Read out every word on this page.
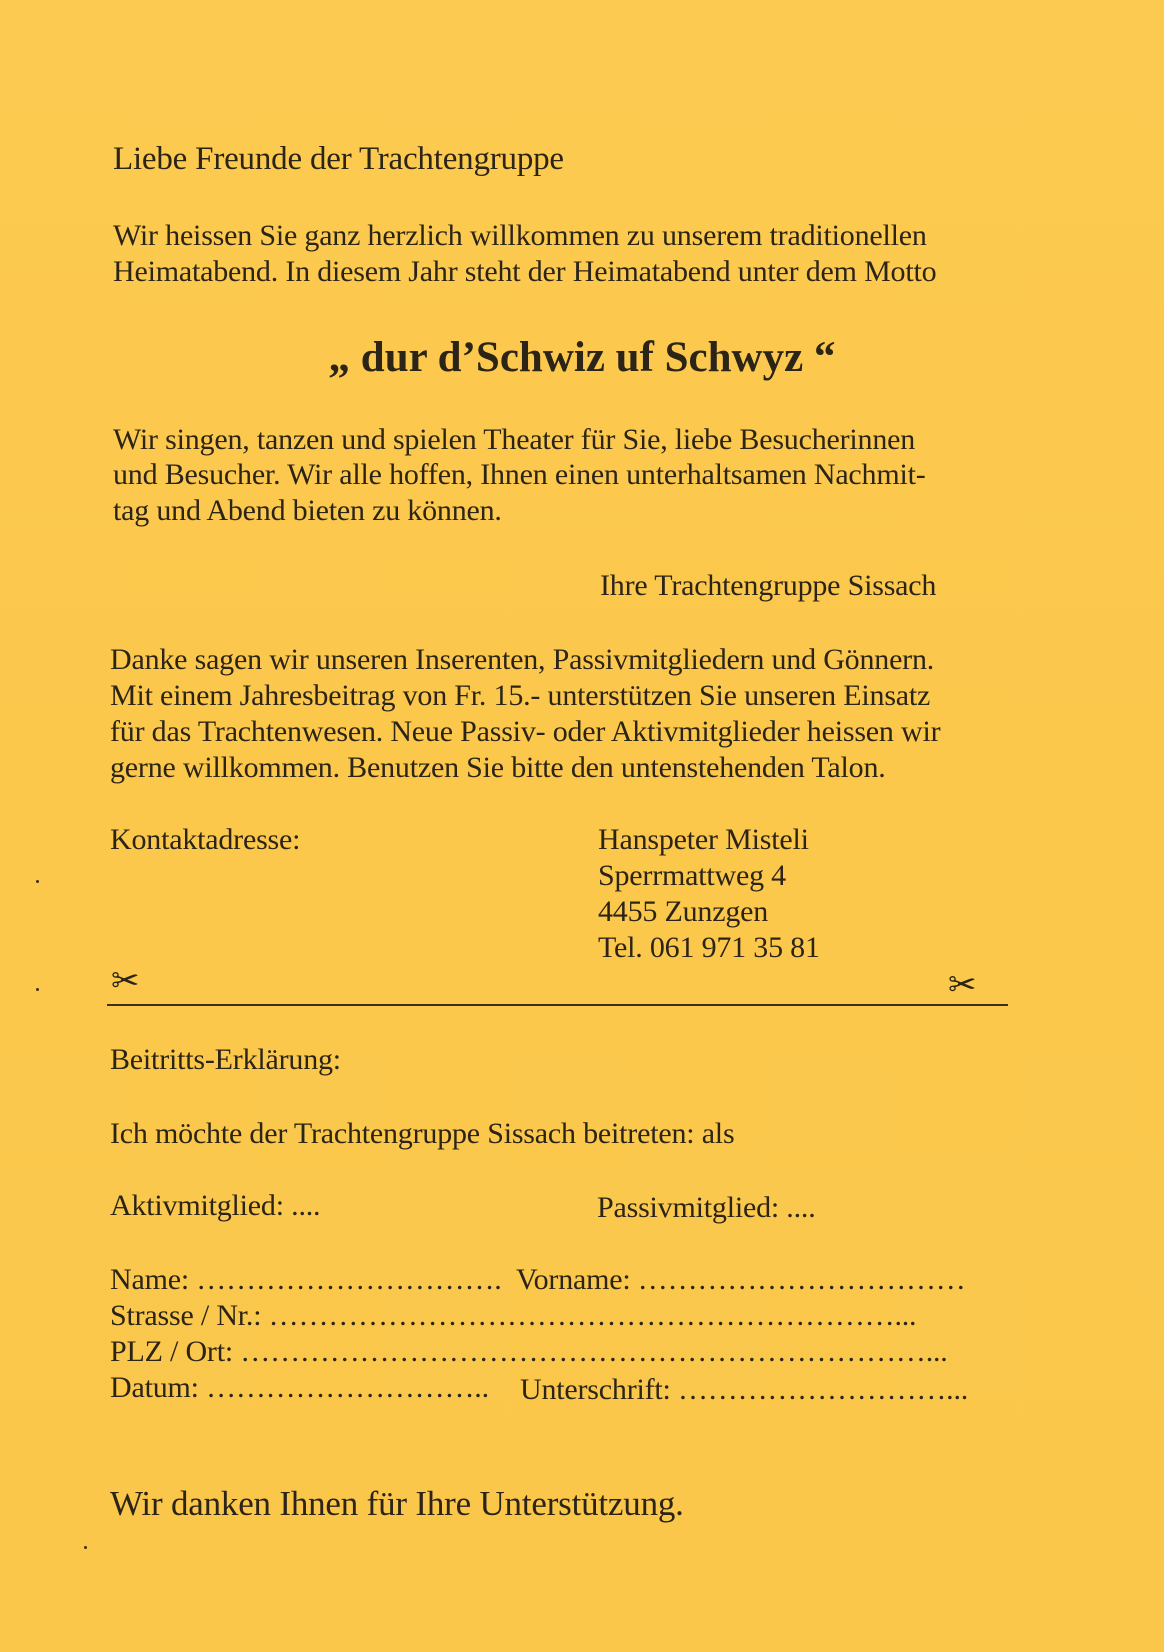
Liebe Freunde der Trachtengruppe
Wir heissen Sie ganz herzlich willkommen zu unserem traditionellen
Heimatabend. In diesem Jahr steht der Heimatabend unter dem Motto
„ dur d’Schwiz uf Schwyz “
Wir singen, tanzen und spielen Theater für Sie, liebe Besucherinnen
und Besucher. Wir alle hoffen, Ihnen einen unterhaltsamen Nachmit-
tag und Abend bieten zu können.
Ihre Trachtengruppe Sissach
Danke sagen wir unseren Inserenten, Passivmitgliedern und Gönnern.
Mit einem Jahresbeitrag von Fr. 15.- unterstützen Sie unseren Einsatz
für das Trachtenwesen. Neue Passiv- oder Aktivmitglieder heissen wir
gerne willkommen. Benutzen Sie bitte den untenstehenden Talon.
Kontaktadresse:	Hanspeter Misteli
Sperrmattweg 4
4455 Zunzgen
Tel. 061 971 35 81
✂	✂
Beitritts-Erklärung:
Ich möchte der Trachtengruppe Sissach beitreten: als
Aktivmitglied: ....	Passivmitglied: ....
Name: …………………………. Vorname: ……………………………
Strasse / Nr.: ………………………………………………………...
PLZ / Ort: ……………………………………………………………...
Datum: ……………………….. Unterschrift: ………………………...
Wir danken Ihnen für Ihre Unterstützung.
